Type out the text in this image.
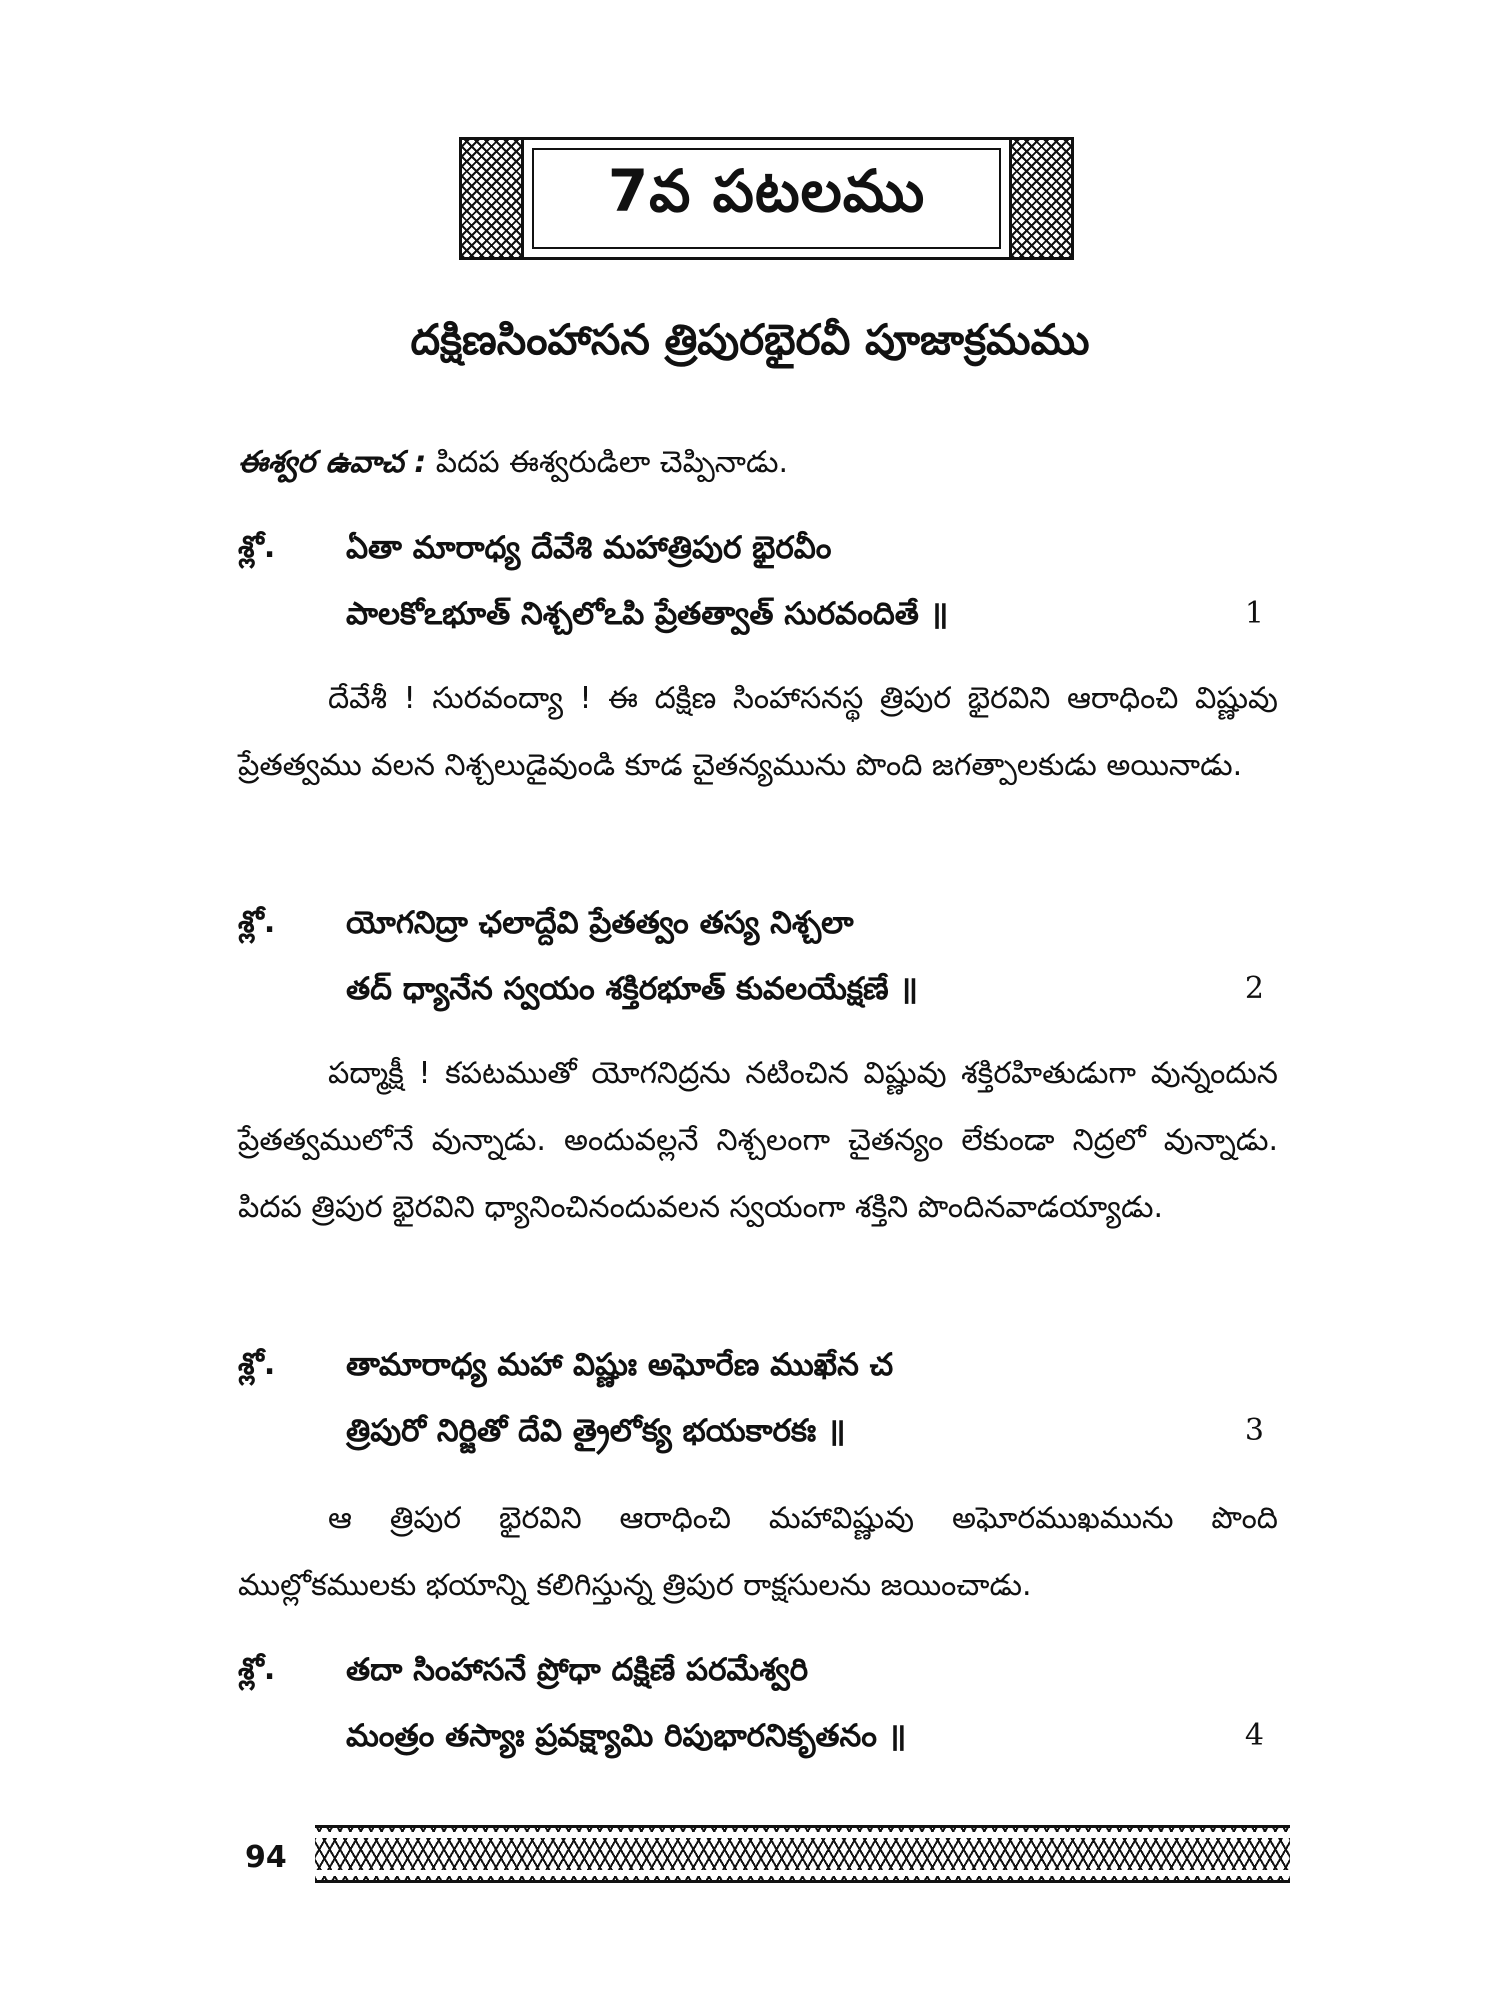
7వ పటలము
దక్షిణసింహాసన త్రిపురభైరవీ పూజాక్రమము
ఈశ్వర ఉవాచ : పిదప ఈశ్వరుడిలా చెప్పినాడు.
శ్లో. ఏతా మారాధ్య దేవేశి మహాత్రిపుర భైరవీం
పాలకోఽభూత్ నిశ్చలోఽపి ప్రేతత్వాత్ సురవందితే ॥	1

దేవేశీ ! సురవంద్యా ! ఈ దక్షిణ సింహాసనస్థ త్రిపుర భైరవిని ఆరాధించి విష్ణువు ప్రేతత్వము వలన నిశ్చలుడైవుండి కూడ చైతన్యమును పొంది జగత్పాలకుడు అయినాడు.

శ్లో. యోగనిద్రా ఛలాద్దేవి ప్రేతత్వం తస్య నిశ్చలా
తద్ ధ్యానేన స్వయం శక్తిరభూత్ కువలయేక్షణే ॥	2

పద్మాక్షీ ! కపటముతో యోగనిద్రను నటించిన విష్ణువు శక్తిరహితుడుగా వున్నందున ప్రేతత్వములోనే వున్నాడు. అందువల్లనే నిశ్చలంగా చైతన్యం లేకుండా నిద్రలో వున్నాడు. పిదప త్రిపుర భైరవిని ధ్యానించినందువలన స్వయంగా శక్తిని పొందినవాడయ్యాడు.

శ్లో. తామారాధ్య మహా విష్ణుః అఘోరేణ ముఖేన చ
త్రిపురో నిర్జితో దేవి త్రైలోక్య భయకారకః ॥	3

ఆ త్రిపుర భైరవిని ఆరాధించి మహావిష్ణువు అఘోరముఖమును పొంది ముల్లోకములకు భయాన్ని కలిగిస్తున్న త్రిపుర రాక్షసులను జయించాడు.

శ్లో. తదా సింహాసనే ప్రోధా దక్షిణే పరమేశ్వరి
మంత్రం తస్యాః ప్రవక్ష్యామి రిపుభారనికృతనం ॥	4
94
